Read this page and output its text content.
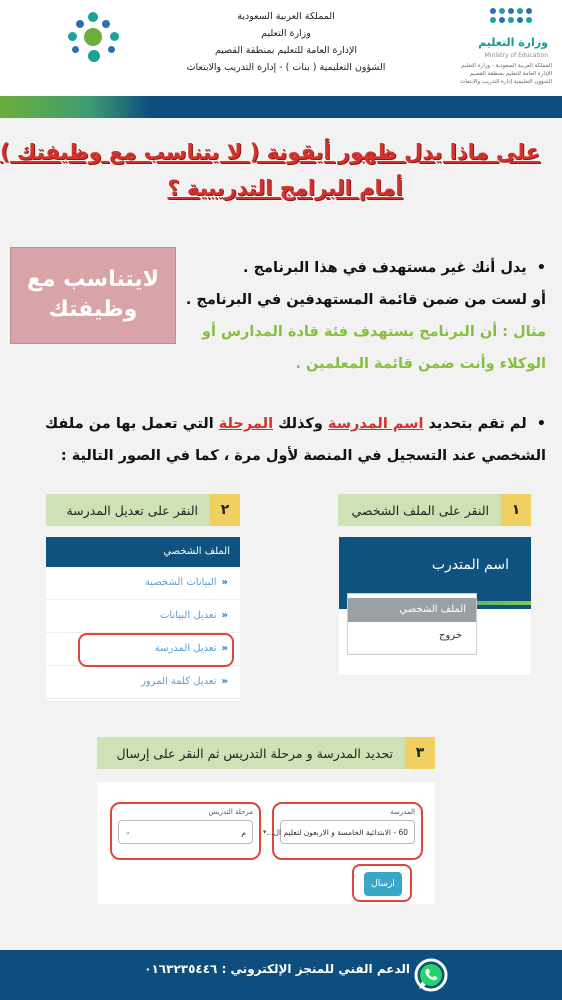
وزارة التعليم
Ministry of Education
المملكة العربية السعودية - وزارة التعليم
الإدارة العامة للتعليم بمنطقة القصيم
الشؤون التعليمية إدارة التدريب والابتعاث
المملكة العربية السعودية
وزارة التعليم
الإدارة العامة للتعليم بمنطقة القصيم
الشؤون التعليمية ( بنات ) - إدارة التدريب والابتعاث
على ماذا يدل ظهور أيقونة ( لا يتناسب مع وظيفتك )
أمام البرامج التدريبية ؟
لايتناسب مع
وظيفتك
• يدل أنك غير مستهدف في هذا البرنامج .
أو لست من ضمن قائمة المستهدفين في البرنامج .
مثال : أن البرنامج يستهدف فئة قادة المدارس أو
الوكلاء وأنت ضمن قائمة المعلمين .
• لم تقم بتحديد اسم المدرسة وكذلك المرحلة التي تعمل بها من ملفك
الشخصي عند التسجيل في المنصة لأول مرة ، كما في الصور التالية :
١
النقر على الملف الشخصي
اسم المتدرب
الملف الشخصي
خروج
٢
النقر على تعديل المدرسة
الملف الشخصي
«البيانات الشخصية
«تعديل البيانات
«تعديل المدرسة
«تعديل كلمة المرور
٣
تحديد المدرسة و مرحلة التدريس ثم النقر على إرسال
المدرسة
60 - الابتدائية الخامسة و الاربعون لتعليم ال...
▾
مرحلة التدريس
م
⌄
ارسال
الدعم الفني للمنجز الإلكتروني : ٠١٦٣٢٣٥٤٤٦
